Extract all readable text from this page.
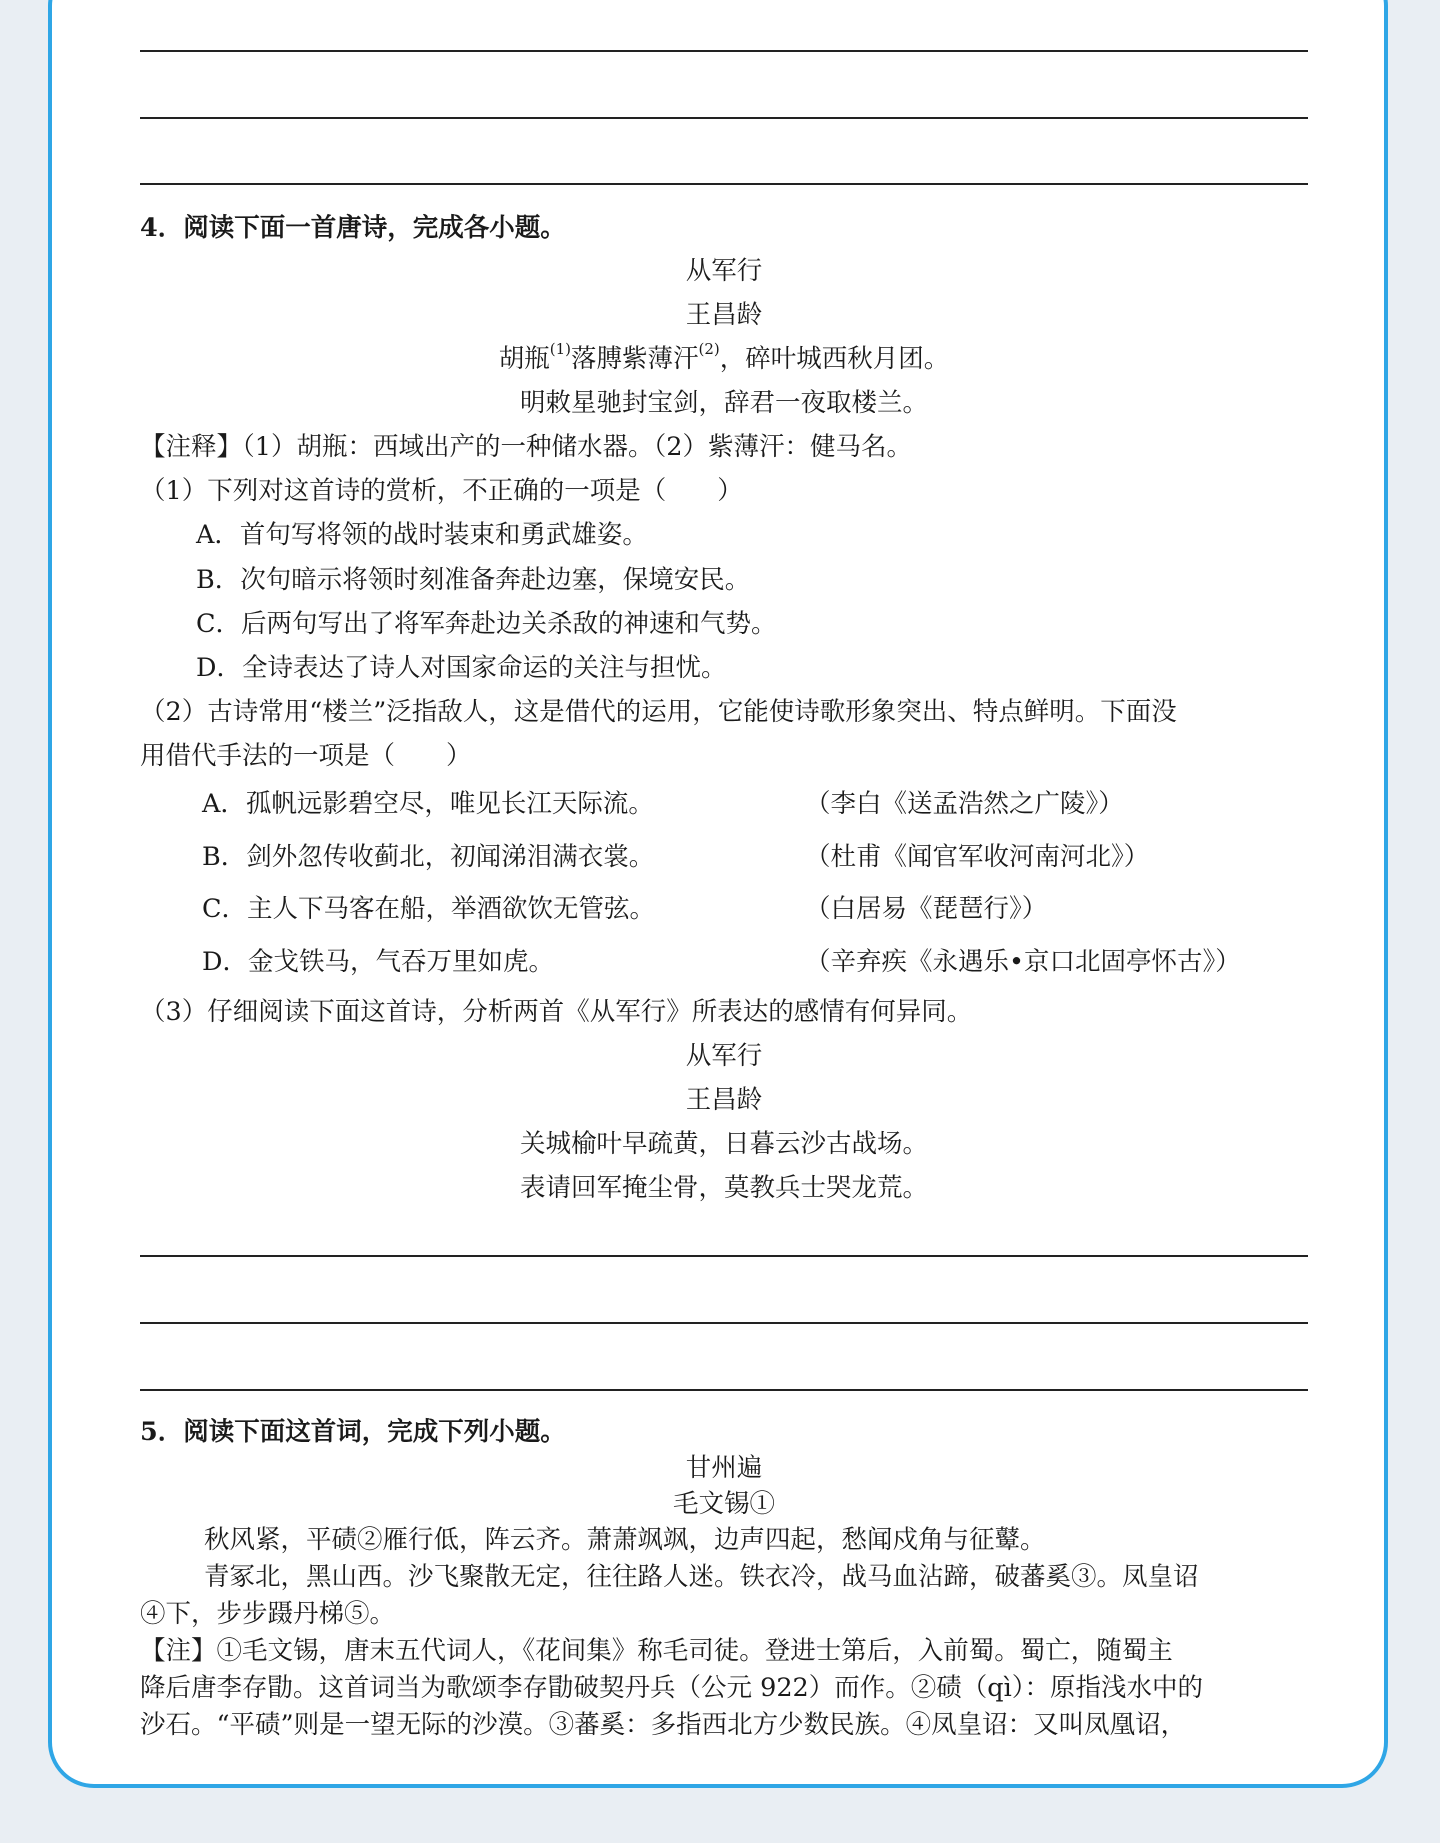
4．阅读下面一首唐诗，完成各小题。
从军行
王昌龄
胡瓶$^{(1)}$落膊紫薄汗$^{(2)}$，碎叶城西秋月团。
明敕星驰封宝剑，辞君一夜取楼兰。
【注释】（1）胡瓶：西域出产的一种储水器。（2）紫薄汗：健马名。
（1）下列对这首诗的赏析，不正确的一项是（　　）
A．首句写将领的战时装束和勇武雄姿。
B．次句暗示将领时刻准备奔赴边塞，保境安民。
C．后两句写出了将军奔赴边关杀敌的神速和气势。
D．全诗表达了诗人对国家命运的关注与担忧。
（2）古诗常用“楼兰”泛指敌人，这是借代的运用，它能使诗歌形象突出、特点鲜明。下面没
用借代手法的一项是（　　）
A．孤帆远影碧空尽，唯见长江天际流。	（李白《送孟浩然之广陵》）
B．剑外忽传收蓟北，初闻涕泪满衣裳。	（杜甫《闻官军收河南河北》）
C．主人下马客在船，举酒欲饮无管弦。	（白居易《琵琶行》）
D．金戈铁马，气吞万里如虎。	（辛弃疾《永遇乐•京口北固亭怀古》）
（3）仔细阅读下面这首诗，分析两首《从军行》所表达的感情有何异同。
从军行
王昌龄
关城榆叶早疏黄，日暮云沙古战场。
表请回军掩尘骨，莫教兵士哭龙荒。
5．阅读下面这首词，完成下列小题。
甘州遍
毛文锡①
秋风紧，平碛②雁行低，阵云齐。萧萧飒飒，边声四起，愁闻戍角与征鼙。
青冢北，黑山西。沙飞聚散无定，往往路人迷。铁衣冷，战马血沾蹄，破蕃奚③。凤皇诏
④下，步步蹑丹梯⑤。
【注】①毛文锡，唐末五代词人，《花间集》称毛司徒。登进士第后，入前蜀。蜀亡，随蜀主
降后唐李存勖。这首词当为歌颂李存勖破契丹兵（公元 922）而作。②碛（qì）：原指浅水中的
沙石。“平碛”则是一望无际的沙漠。③蕃奚：多指西北方少数民族。④凤皇诏：又叫凤凰诏，
